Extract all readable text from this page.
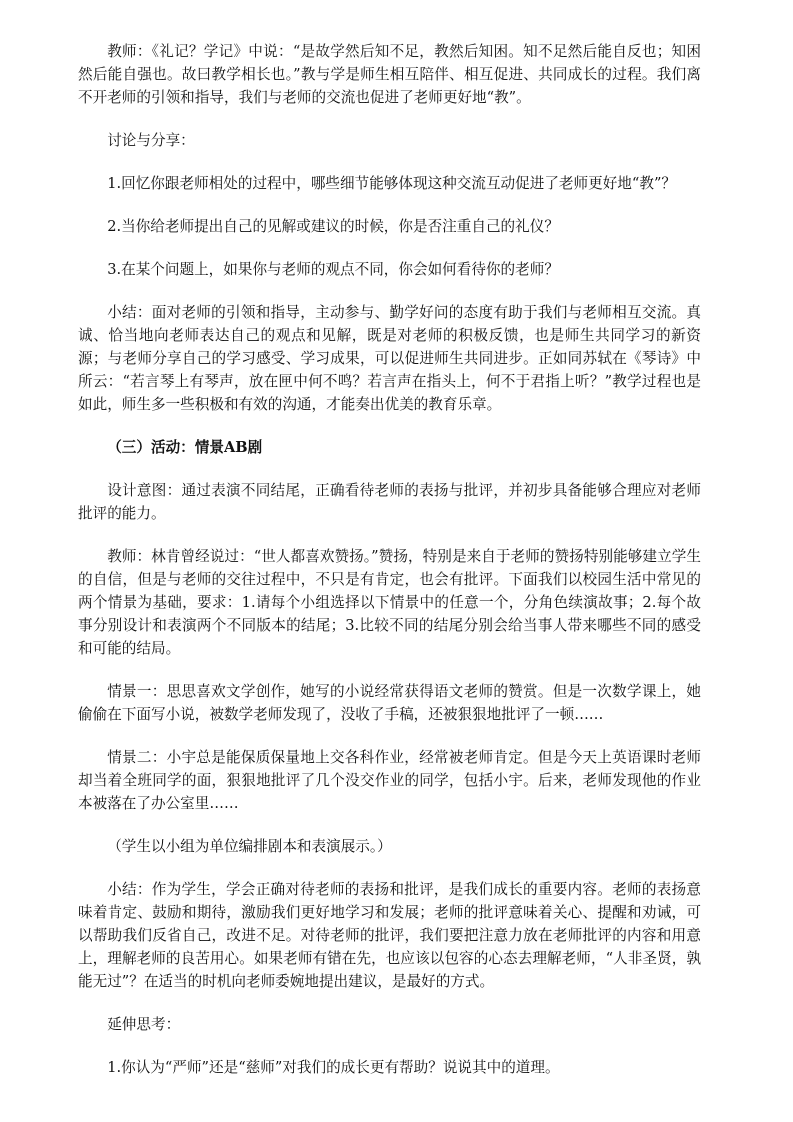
教师：《礼记？学记》中说：“是故学然后知不足，教然后知困。知不足然后能自反也；知困然后能自强也。故曰教学相长也。”教与学是师生相互陪伴、相互促进、共同成长的过程。我们离不开老师的引领和指导，我们与老师的交流也促进了老师更好地“教”。

讨论与分享：

1.回忆你跟老师相处的过程中，哪些细节能够体现这种交流互动促进了老师更好地“教”？

2.当你给老师提出自己的见解或建议的时候，你是否注重自己的礼仪？

3.在某个问题上，如果你与老师的观点不同，你会如何看待你的老师？

小结：面对老师的引领和指导，主动参与、勤学好问的态度有助于我们与老师相互交流。真诚、恰当地向老师表达自己的观点和见解，既是对老师的积极反馈，也是师生共同学习的新资源；与老师分享自己的学习感受、学习成果，可以促进师生共同进步。正如同苏轼在《琴诗》中所云：“若言琴上有琴声，放在匣中何不鸣？若言声在指头上，何不于君指上听？”教学过程也是如此，师生多一些积极和有效的沟通，才能奏出优美的教育乐章。

（三）活动：情景AB剧

设计意图：通过表演不同结尾，正确看待老师的表扬与批评，并初步具备能够合理应对老师批评的能力。

教师：林肯曾经说过：“世人都喜欢赞扬。”赞扬，特别是来自于老师的赞扬特别能够建立学生的自信，但是与老师的交往过程中，不只是有肯定，也会有批评。下面我们以校园生活中常见的两个情景为基础，要求：1.请每个小组选择以下情景中的任意一个，分角色续演故事；2.每个故事分别设计和表演两个不同版本的结尾；3.比较不同的结尾分别会给当事人带来哪些不同的感受和可能的结局。

情景一：思思喜欢文学创作，她写的小说经常获得语文老师的赞赏。但是一次数学课上，她偷偷在下面写小说，被数学老师发现了，没收了手稿，还被狠狠地批评了一顿……

情景二：小宇总是能保质保量地上交各科作业，经常被老师肯定。但是今天上英语课时老师却当着全班同学的面，狠狠地批评了几个没交作业的同学，包括小宇。后来，老师发现他的作业本被落在了办公室里……

（学生以小组为单位编排剧本和表演展示。）

小结：作为学生，学会正确对待老师的表扬和批评，是我们成长的重要内容。老师的表扬意味着肯定、鼓励和期待，激励我们更好地学习和发展；老师的批评意味着关心、提醒和劝诫，可以帮助我们反省自己，改进不足。对待老师的批评，我们要把注意力放在老师批评的内容和用意上，理解老师的良苦用心。如果老师有错在先，也应该以包容的心态去理解老师，“人非圣贤，孰能无过”？在适当的时机向老师委婉地提出建议，是最好的方式。

延伸思考：

1.你认为“严师”还是“慈师”对我们的成长更有帮助？说说其中的道理。
